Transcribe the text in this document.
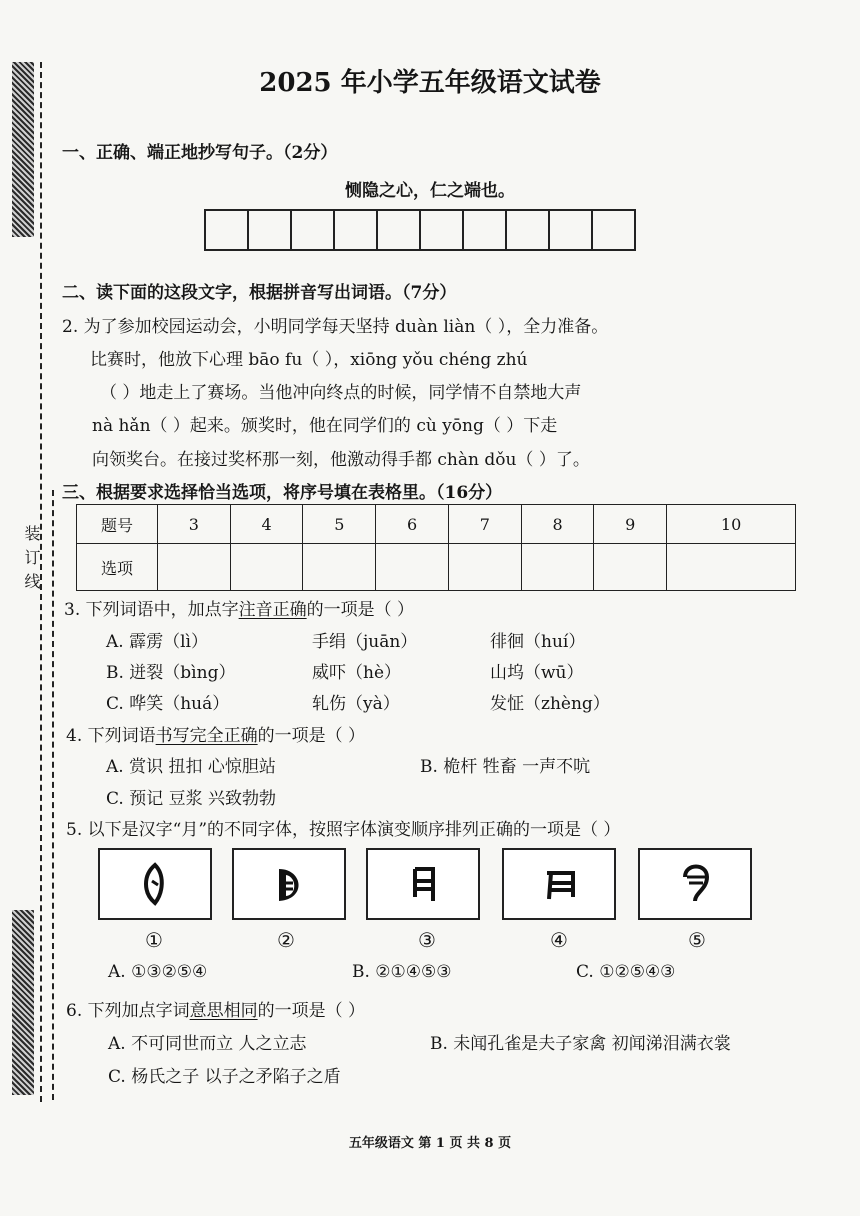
装订线
2025 年小学五年级语文试卷
一、正确、端正地抄写句子。（2分）
恻隐之心，仁之端也。
二、读下面的这段文字，根据拼音写出词语。（7分）
2. 为了参加校园运动会，小明同学每天坚持 duàn liàn（ ），全力准备。
比赛时，他放下心理 bāo fu（ ），xiōng yǒu chéng zhú
（ ）地走上了赛场。当他冲向终点的时候，同学情不自禁地大声
nà hǎn（ ）起来。颁奖时，他在同学们的 cù yōng（ ）下走
向领奖台。在接过奖杯那一刻，他激动得手都 chàn dǒu（ ）了。
三、根据要求选择恰当选项，将序号填在表格里。（16分）
题号	3	4	5	6	7	8	9	10
选项								
3. 下列词语中，加点字注音正确的一项是（ ）
A. 霹雳（lì）	手绢（juān）	徘徊（huí）
B. 迸裂（bìng）	威吓（hè）	山坞（wū）
C. 哗笑（huá）	轧伤（yà）	发怔（zhèng）
4. 下列词语书写完全正确的一项是（ ）
A. 赏识 扭扣 心惊胆站	B. 桅杆 牲畜 一声不吭
C. 预记 豆浆 兴致勃勃
5. 以下是汉字“月”的不同字体，按照字体演变顺序排列正确的一项是（ ）
①	②	③	④	⑤
A. ①③②⑤④	B. ②①④⑤③	C. ①②⑤④③
6. 下列加点字词意思相同的一项是（ ）
A. 不可同世而立 人之立志	B. 未闻孔雀是夫子家禽 初闻涕泪满衣裳
C. 杨氏之子 以子之矛陷子之盾
五年级语文 第 1 页 共 8 页
